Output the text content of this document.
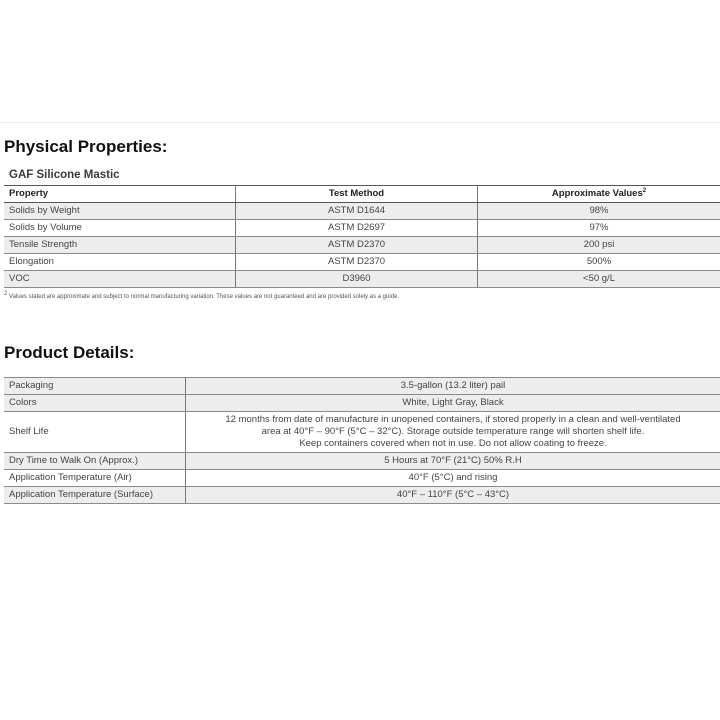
Physical Properties:
GAF Silicone Mastic
Property	Test Method	Approximate Values$^2$
Solids by Weight	ASTM D1644	98%
Solids by Volume	ASTM D2697	97%
Tensile Strength	ASTM D2370	200 psi
Elongation	ASTM D2370	500%
VOC	D3960	<50 g/L

$^2$ Values stated are approximate and subject to normal manufacturing variation. These values are not guaranteed and are provided solely as a guide.

Product Details:
Packaging	3.5-gallon (13.2 liter) pail
Colors	White, Light Gray, Black
Shelf Life	12 months from date of manufacture in unopened containers, if stored properly in a clean and well-ventilated
area at 40°F – 90°F (5°C – 32°C). Storage outside temperature range will shorten shelf life.
Keep containers covered when not in use. Do not allow coating to freeze.

Dry Time to Walk On (Approx.)	5 Hours at 70°F (21°C) 50% R.H
Application Temperature (Air)	40°F (5°C) and rising
Application Temperature (Surface)	40°F – 110°F (5°C – 43°C)
